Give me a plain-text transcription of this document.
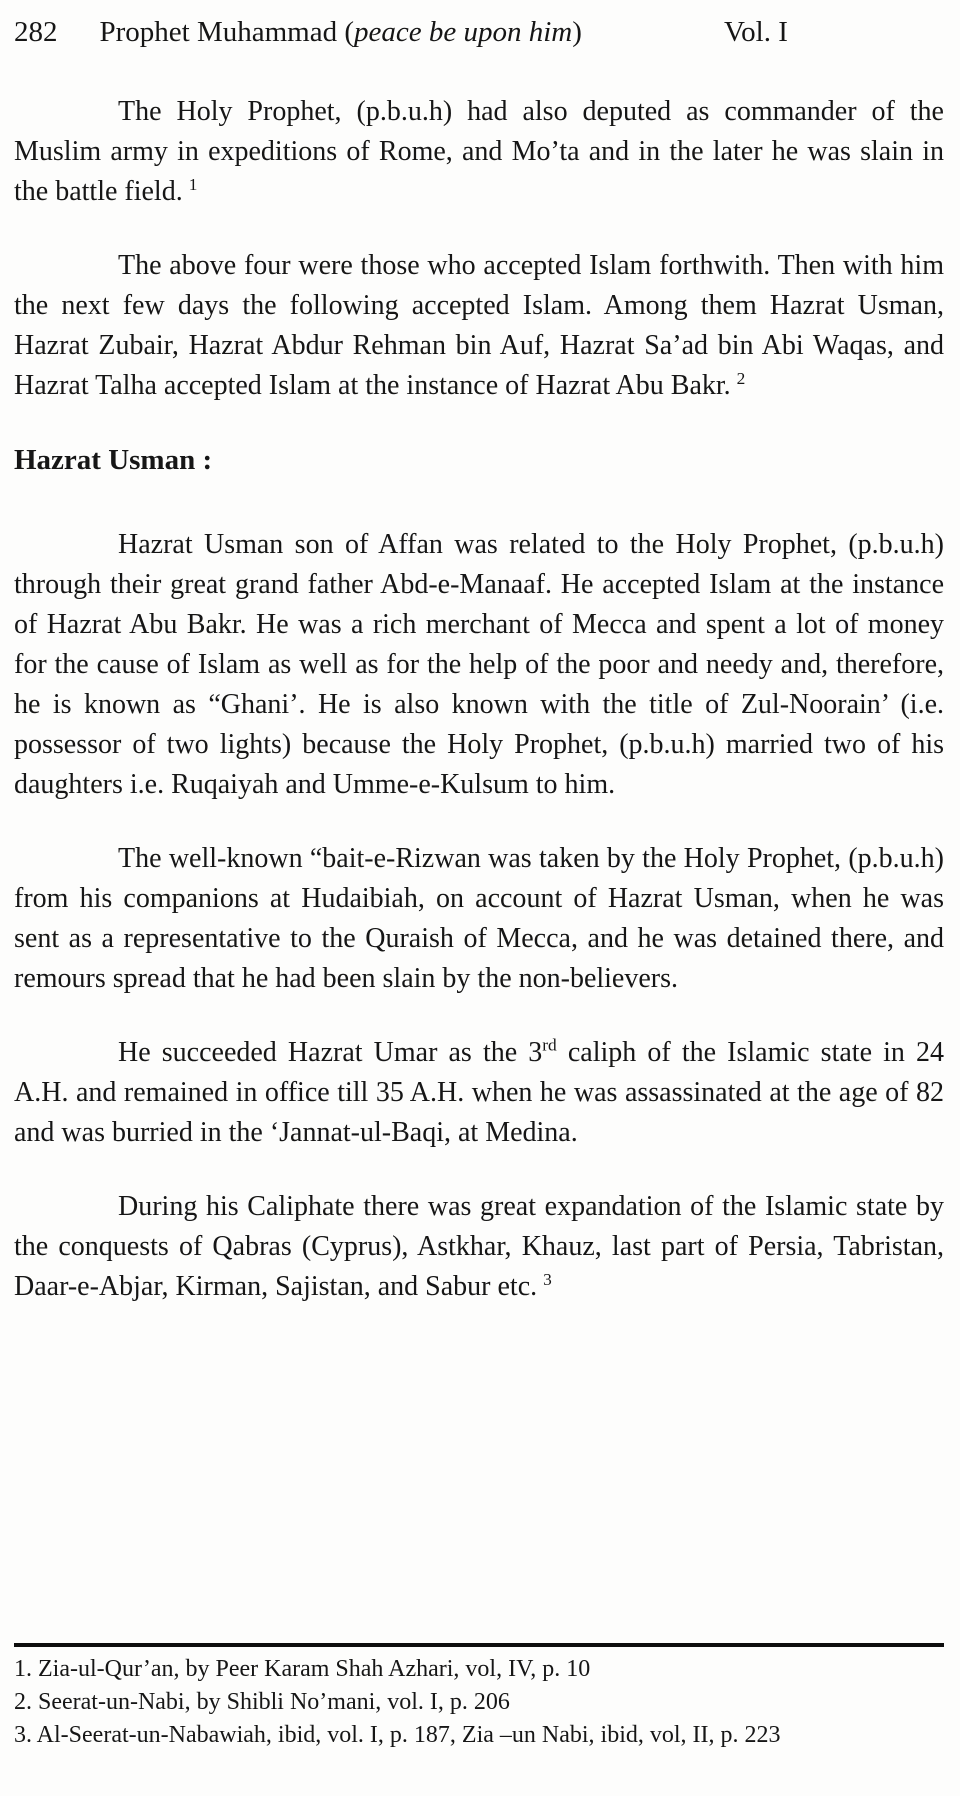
282 Prophet Muhammad (peace be upon him)	Vol. I

The Holy Prophet, (p.b.u.h) had also deputed as commander of the Muslim army in expeditions of Rome, and Mo’ta and in the later he was slain in the battle field. $^1$

The above four were those who accepted Islam forthwith. Then with him the next few days the following accepted Islam. Among them Hazrat Usman, Hazrat Zubair, Hazrat Abdur Rehman bin Auf, Hazrat Sa’ad bin Abi Waqas, and Hazrat Talha accepted Islam at the instance of Hazrat Abu Bakr. $^2$

Hazrat Usman :

Hazrat Usman son of Affan was related to the Holy Prophet, (p.b.u.h) through their great grand father Abd-e-Manaaf. He accepted Islam at the instance of Hazrat Abu Bakr. He was a rich merchant of Mecca and spent a lot of money for the cause of Islam as well as for the help of the poor and needy and, therefore, he is known as “Ghani’. He is also known with the title of Zul-Noorain’ (i.e. possessor of two lights) because the Holy Prophet, (p.b.u.h) married two of his daughters i.e. Ruqaiyah and Umme-e-Kulsum to him.

The well-known “bait-e-Rizwan was taken by the Holy Prophet, (p.b.u.h) from his companions at Hudaibiah, on account of Hazrat Usman, when he was sent as a representative to the Quraish of Mecca, and he was detained there, and remours spread that he had been slain by the non-believers.

He succeeded Hazrat Umar as the 3rd caliph of the Islamic state in 24 A.H. and remained in office till 35 A.H. when he was assassinated at the age of 82 and was burried in the ‘Jannat-ul-Baqi, at Medina.

During his Caliphate there was great expandation of the Islamic state by the conquests of Qabras (Cyprus), Astkhar, Khauz, last part of Persia, Tabristan, Daar-e-Abjar, Kirman, Sajistan, and Sabur etc. $^3$

1. Zia-ul-Qur’an, by Peer Karam Shah Azhari, vol, IV, p. 10
2. Seerat-un-Nabi, by Shibli No’mani, vol. I, p. 206
3. Al-Seerat-un-Nabawiah, ibid, vol. I, p. 187, Zia –un Nabi, ibid, vol, II, p. 223
